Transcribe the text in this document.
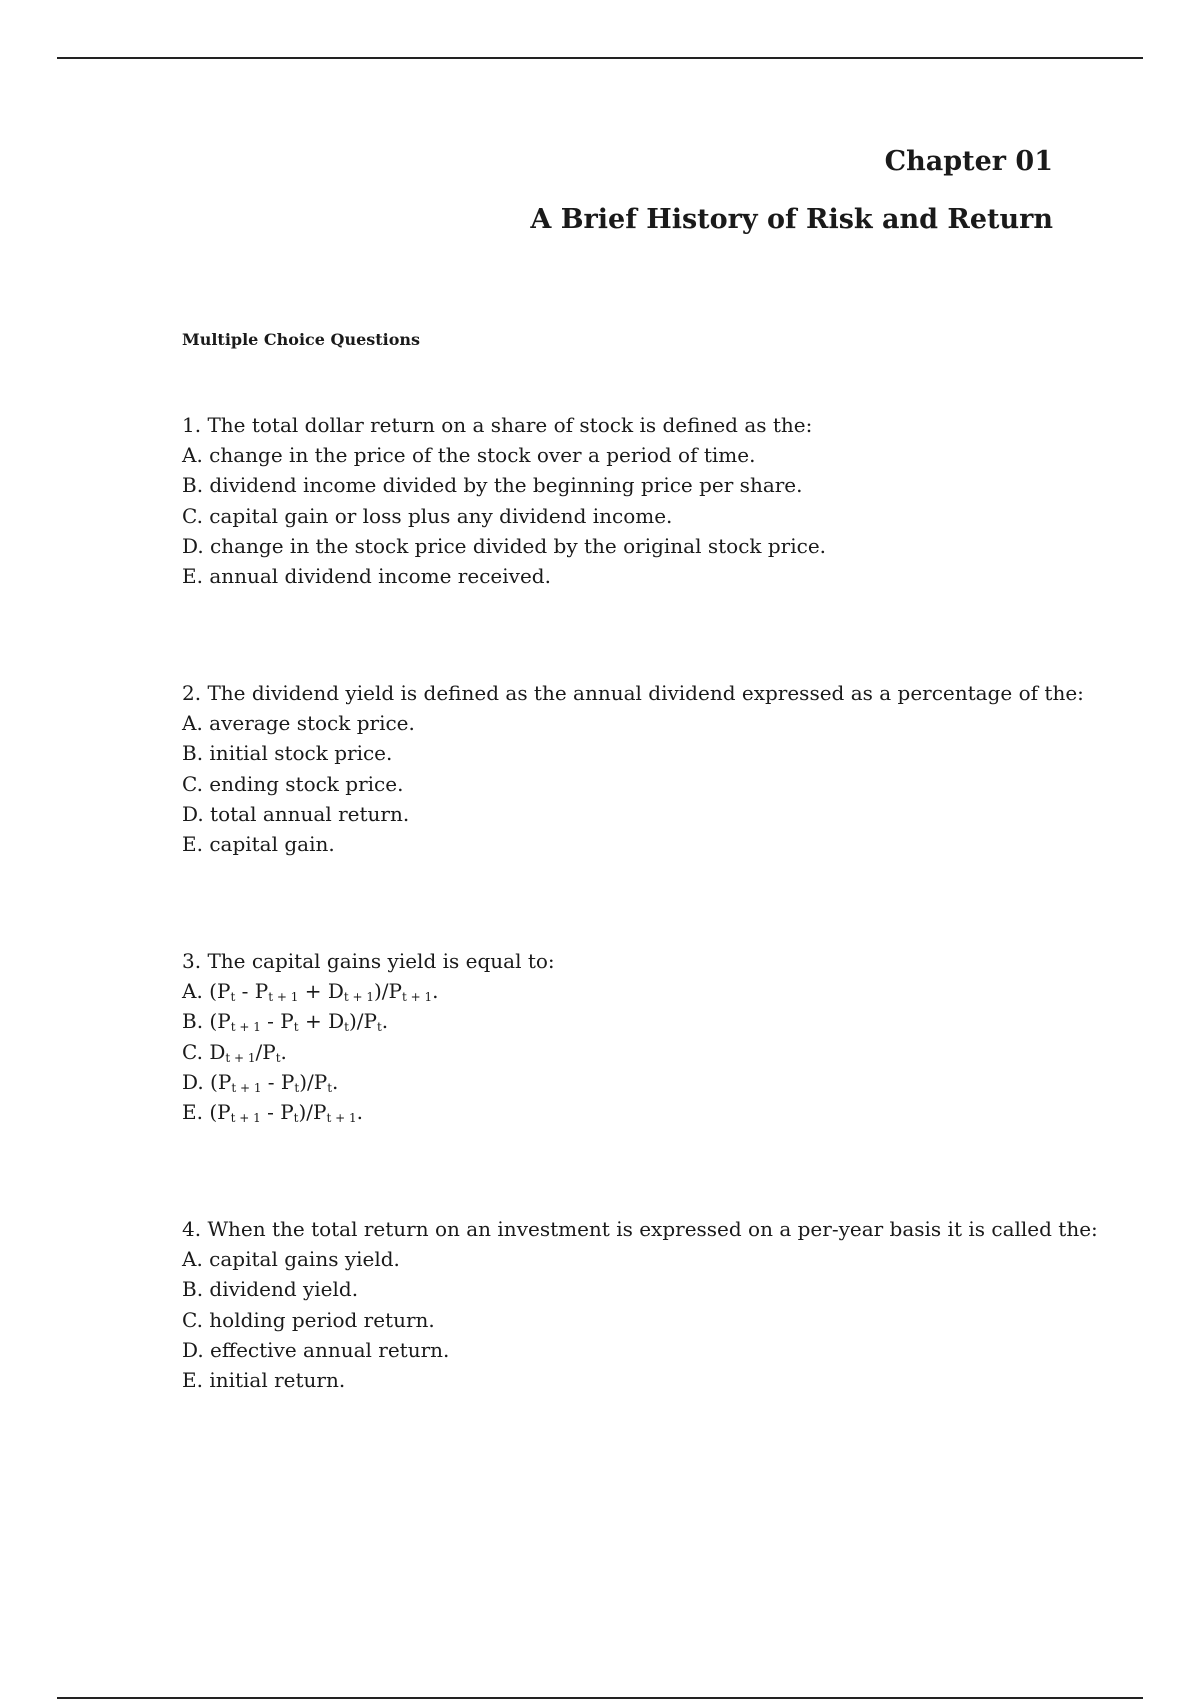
Chapter 01
A Brief History of Risk and Return
Multiple Choice Questions
1. The total dollar return on a share of stock is defined as the:
A. change in the price of the stock over a period of time.
B. dividend income divided by the beginning price per share.
C. capital gain or loss plus any dividend income.
D. change in the stock price divided by the original stock price.
E. annual dividend income received.
2. The dividend yield is defined as the annual dividend expressed as a percentage of the:
A. average stock price.
B. initial stock price.
C. ending stock price.
D. total annual return.
E. capital gain.
3. The capital gains yield is equal to:
A. $(P_t - P_{t + 1} + D_{t + 1})/P_{t + 1}$.
B. $(P_{t + 1} - P_t + D_t)/P_t$.
C. $D_{t + 1}/P_t$.
D. $(P_{t + 1} - P_t)/P_t$.
E. $(P_{t + 1} - P_t)/P_{t + 1}$.
4. When the total return on an investment is expressed on a per-year basis it is called the:
A. capital gains yield.
B. dividend yield.
C. holding period return.
D. effective annual return.
E. initial return.
